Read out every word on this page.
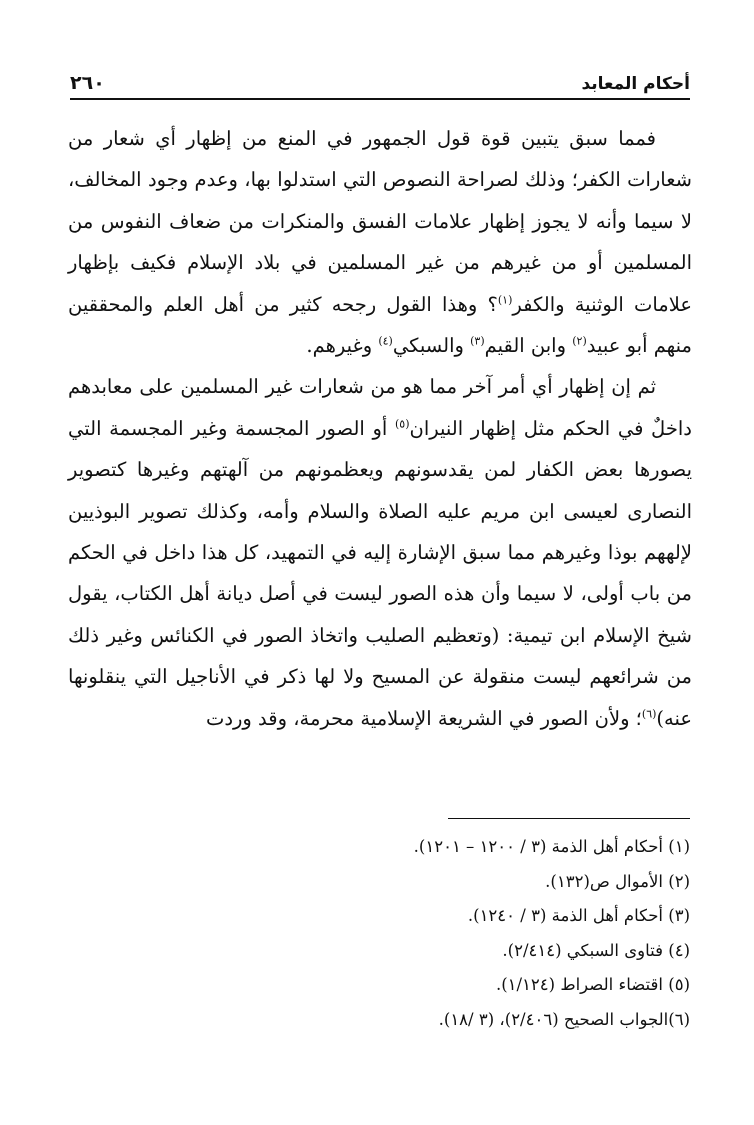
٢٦٠	أحكام المعابد

فمما سبق يتبين قوة قول الجمهور في المنع من إظهار أي شعار من شعارات الكفر؛ وذلك لصراحة النصوص التي استدلوا بها، وعدم وجود المخالف، لا سيما وأنه لا يجوز إظهار علامات الفسق والمنكرات من ضعاف النفوس من المسلمين أو من غيرهم من غير المسلمين في بلاد الإسلام فكيف بإظهار علامات الوثنية والكفر$^{(١)}$؟ وهذا القول رجحه كثير من أهل العلم والمحققين منهم أبو عبيد$^{(٢)}$ وابن القيم$^{(٣)}$ والسبكي$^{(٤)}$ وغيرهم.

ثم إن إظهار أي أمر آخر مما هو من شعارات غير المسلمين على معابدهم داخلٌ في الحكم مثل إظهار النيران$^{(٥)}$ أو الصور المجسمة وغير المجسمة التي يصورها بعض الكفار لمن يقدسونهم ويعظمونهم من آلهتهم وغيرها كتصوير النصارى لعيسى ابن مريم عليه الصلاة والسلام وأمه، وكذلك تصوير البوذيين لإلههم بوذا وغيرهم مما سبق الإشارة إليه في التمهيد، كل هذا داخل في الحكم من باب أولى، لا سيما وأن هذه الصور ليست في أصل ديانة أهل الكتاب، يقول شيخ الإسلام ابن تيمية: (وتعظيم الصليب واتخاذ الصور في الكنائس وغير ذلك من شرائعهم ليست منقولة عن المسيح ولا لها ذكر في الأناجيل التي ينقلونها عنه)$^{(٦)}$؛ ولأن الصور في الشريعة الإسلامية محرمة، وقد وردت

(١) أحكام أهل الذمة (٣ / ١٢٠٠ – ١٢٠١).

(٢) الأموال ص(١٣٢).

(٣) أحكام أهل الذمة (٣ / ١٢٤٠).

(٤) فتاوى السبكي (٢/٤١٤).

(٥) اقتضاء الصراط (١/١٢٤).

(٦)الجواب الصحيح (٢/٤٠٦)، (٣ /١٨).
